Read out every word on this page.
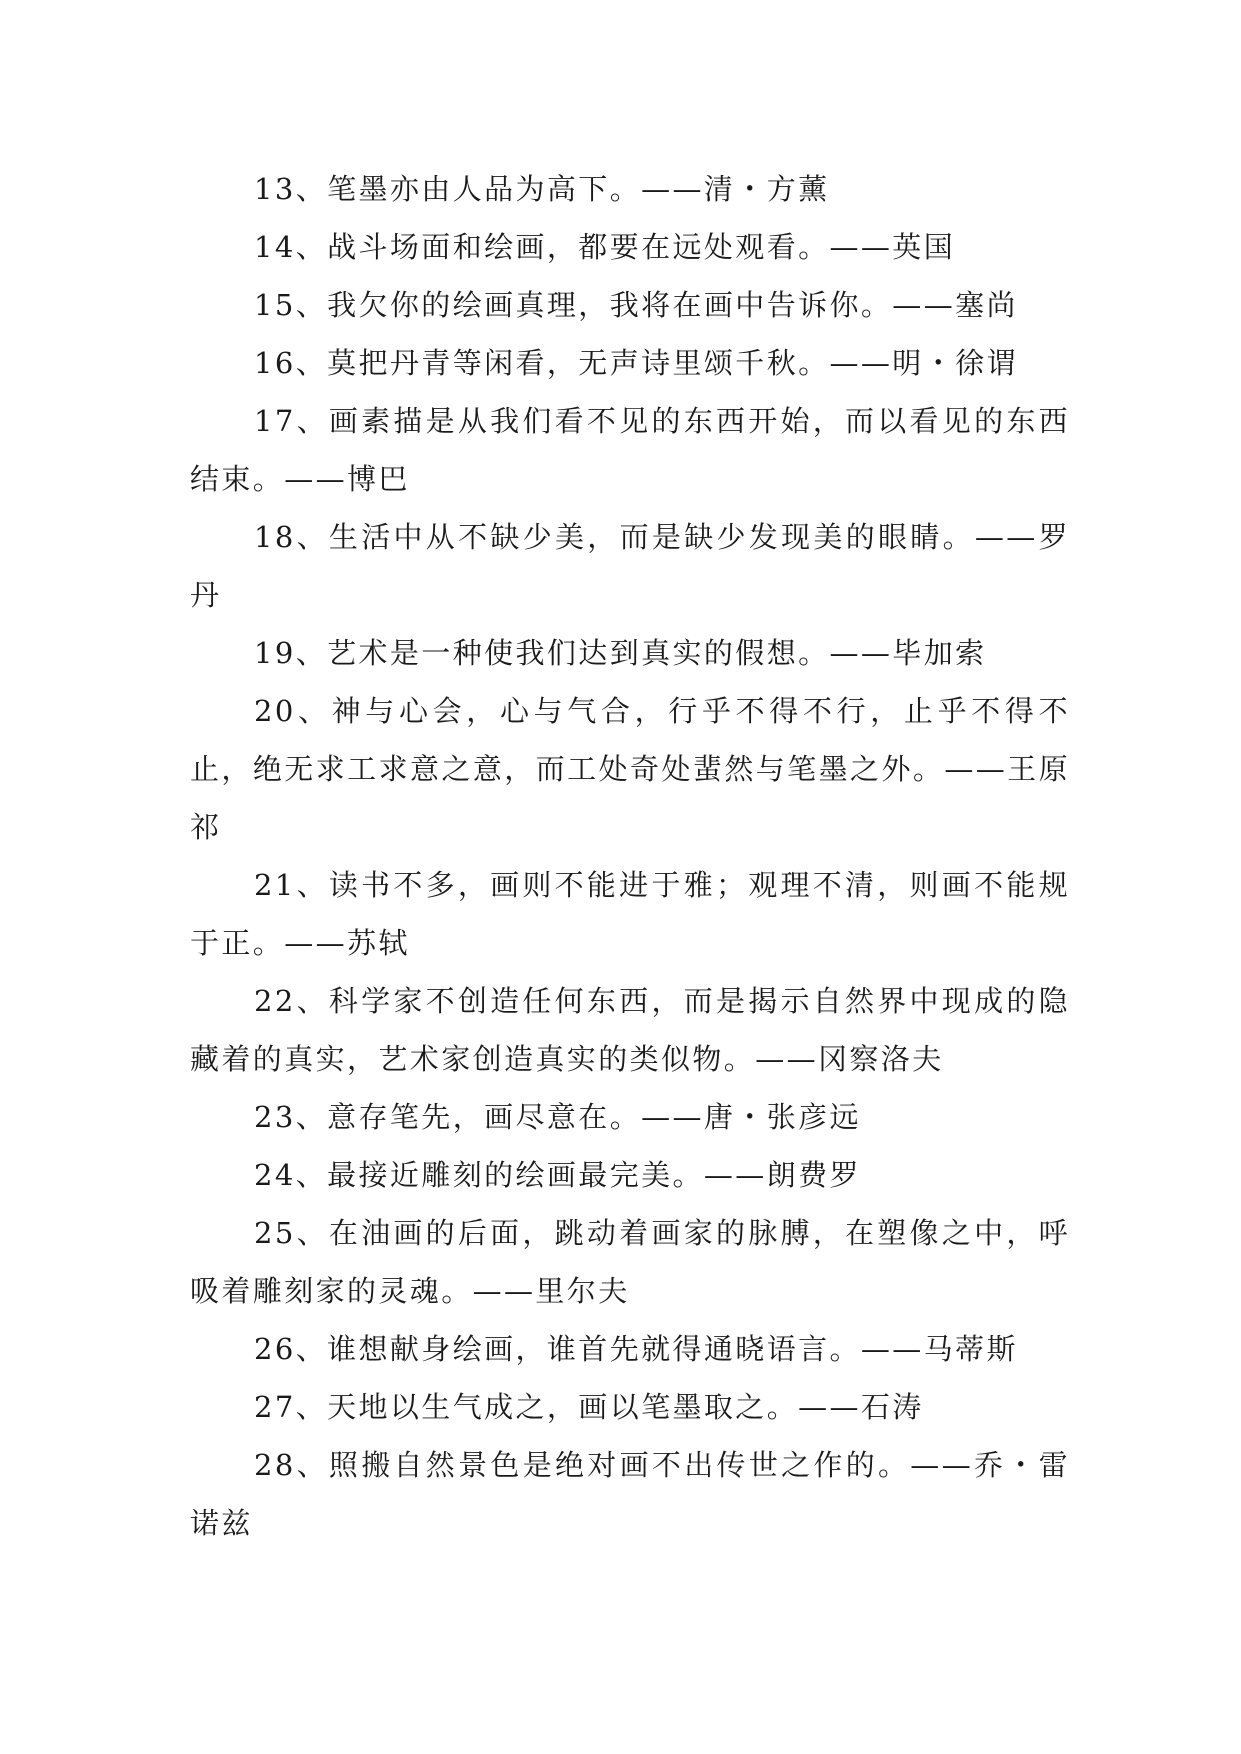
13、笔墨亦由人品为高下。——清・方薰

14、战斗场面和绘画，都要在远处观看。——英国

15、我欠你的绘画真理，我将在画中告诉你。——塞尚

16、莫把丹青等闲看，无声诗里颂千秋。——明・徐谓

17、画素描是从我们看不见的东西开始，而以看见的东西结束。——博巴

18、生活中从不缺少美，而是缺少发现美的眼睛。——罗丹

19、艺术是一种使我们达到真实的假想。——毕加索

20、神与心会，心与气合，行乎不得不行，止乎不得不止，绝无求工求意之意，而工处奇处蜚然与笔墨之外。——王原祁

21、读书不多，画则不能进于雅；观理不清，则画不能规于正。——苏轼

22、科学家不创造任何东西，而是揭示自然界中现成的隐藏着的真实，艺术家创造真实的类似物。——冈察洛夫

23、意存笔先，画尽意在。——唐・张彦远

24、最接近雕刻的绘画最完美。——朗费罗

25、在油画的后面，跳动着画家的脉膊，在塑像之中，呼吸着雕刻家的灵魂。——里尔夫

26、谁想献身绘画，谁首先就得通晓语言。——马蒂斯

27、天地以生气成之，画以笔墨取之。——石涛

28、照搬自然景色是绝对画不出传世之作的。——乔・雷诺兹
